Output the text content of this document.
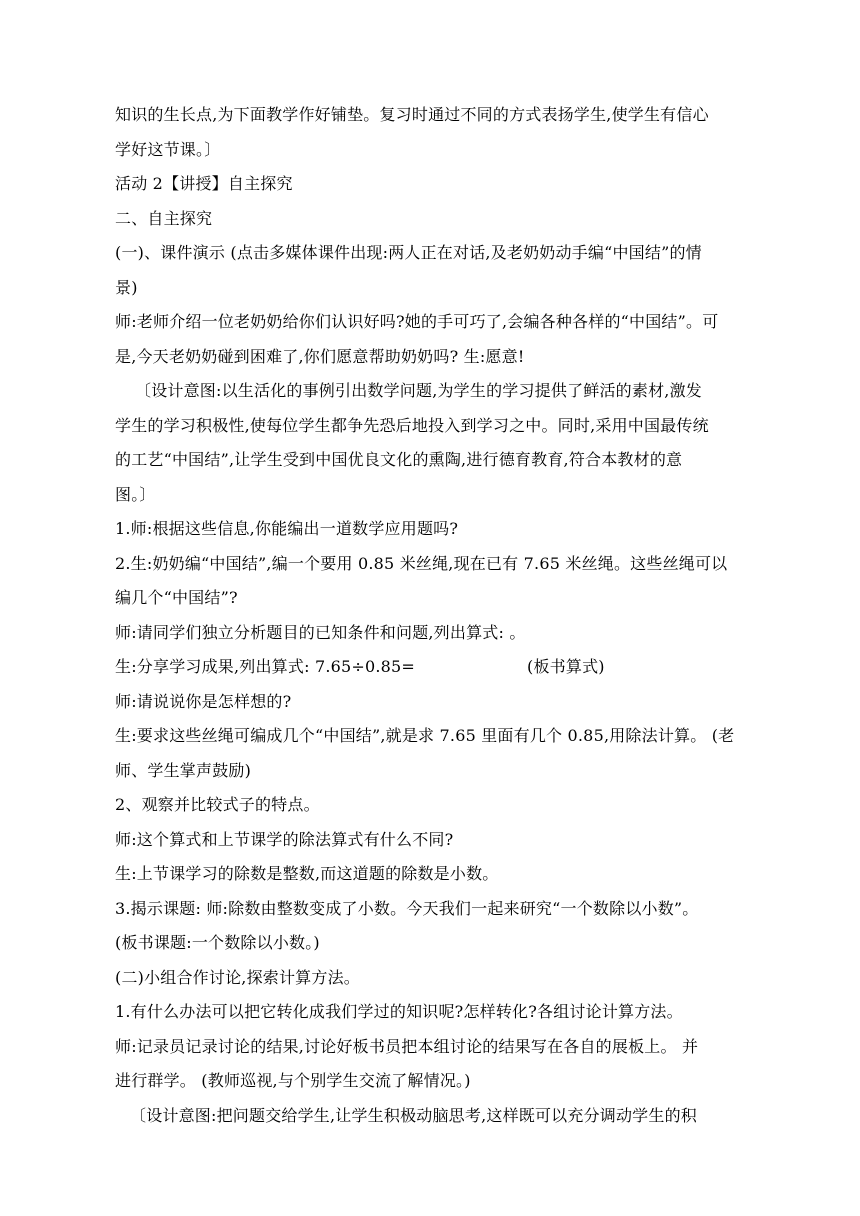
知识的生长点,为下面教学作好铺垫。复习时通过不同的方式表扬学生,使学生有信心
学好这节课。〕
活动 2【讲授】自主探究
二、自主探究
(一)、课件演示 (点击多媒体课件出现:两人正在对话,及老奶奶动手编“中国结”的情
景)
师:老师介绍一位老奶奶给你们认识好吗?她的手可巧了,会编各种各样的“中国结”。可
是,今天老奶奶碰到困难了,你们愿意帮助奶奶吗? 生:愿意!
〔设计意图:以生活化的事例引出数学问题,为学生的学习提供了鲜活的素材,激发
学生的学习积极性,使每位学生都争先恐后地投入到学习之中。同时,采用中国最传统
的工艺“中国结”,让学生受到中国优良文化的熏陶,进行德育教育,符合本教材的意
图。〕
1.师:根据这些信息,你能编出一道数学应用题吗?
2.生:奶奶编“中国结”,编一个要用 0.85 米丝绳,现在已有 7.65 米丝绳。这些丝绳可以
编几个“中国结”?
师:请同学们独立分析题目的已知条件和问题,列出算式: 。
生:分享学习成果,列出算式: 7.65÷0.85=	(板书算式)
师:请说说你是怎样想的?
生:要求这些丝绳可编成几个“中国结”,就是求 7.65 里面有几个 0.85,用除法计算。 (老
师、学生掌声鼓励)
2、观察并比较式子的特点。
师:这个算式和上节课学的除法算式有什么不同?
生:上节课学习的除数是整数,而这道题的除数是小数。
3.揭示课题: 师:除数由整数变成了小数。今天我们一起来研究“一个数除以小数”。
(板书课题:一个数除以小数。)
(二)小组合作讨论,探索计算方法。
1.有什么办法可以把它转化成我们学过的知识呢?怎样转化?各组讨论计算方法。
师:记录员记录讨论的结果,讨论好板书员把本组讨论的结果写在各自的展板上。 并
进行群学。 (教师巡视,与个别学生交流了解情况。)
〔设计意图:把问题交给学生,让学生积极动脑思考,这样既可以充分调动学生的积
